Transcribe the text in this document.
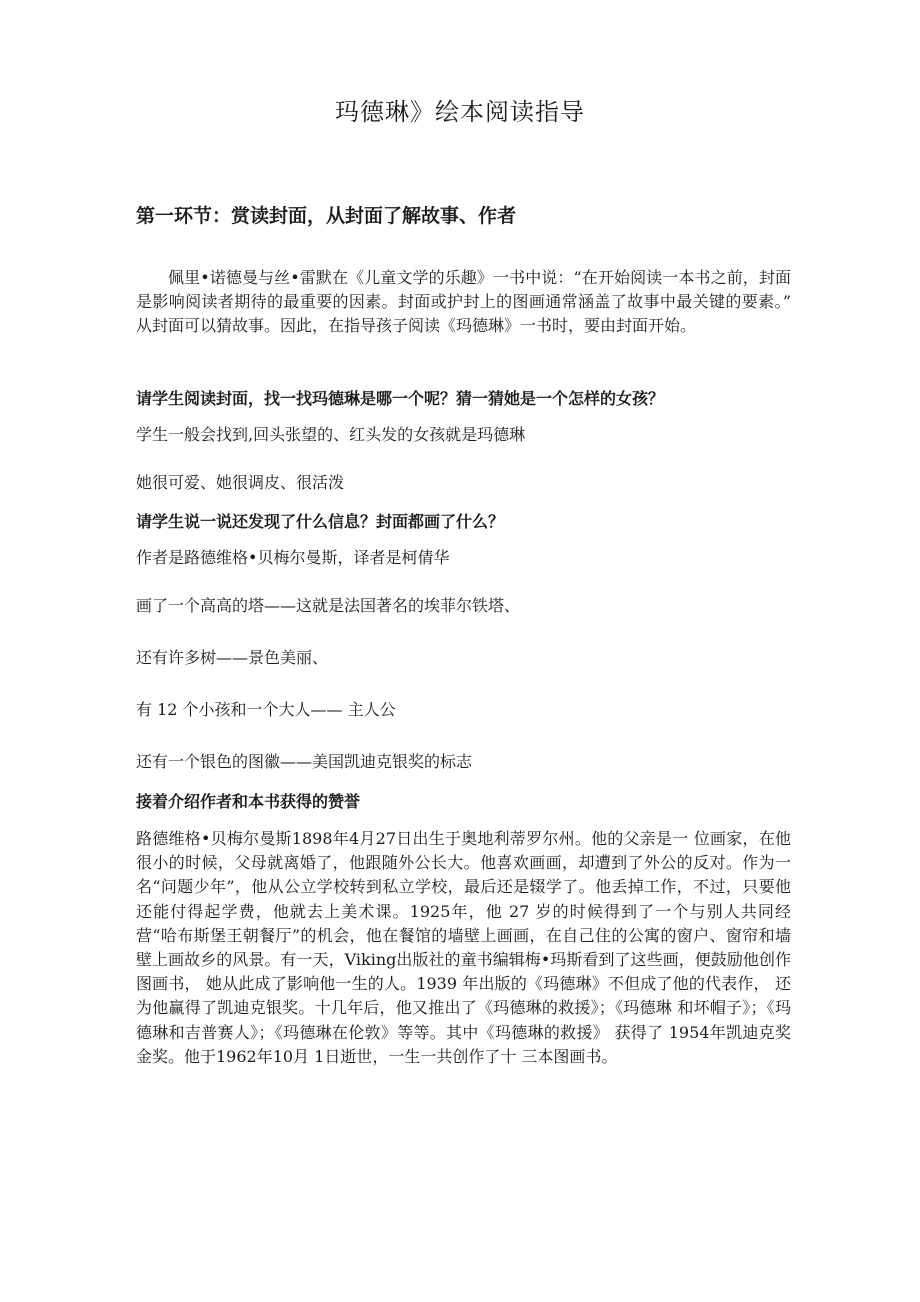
玛德琳》绘本阅读指导
第一环节：赏读封面，从封面了解故事、作者
佩里•诺德曼与丝•雷默在《儿童文学的乐趣》一书中说：“在开始阅读一本书之前，封面是影响阅读者期待的最重要的因素。封面或护封上的图画通常涵盖了故事中最关键的要素。” 从封面可以猜故事。因此，在指导孩子阅读《玛德琳》一书时，要由封面开始。
请学生阅读封面，找一找玛德琳是哪一个呢？猜一猜她是一个怎样的女孩？
学生一般会找到,回头张望的、红头发的女孩就是玛德琳
她很可爱、她很调皮、很活泼
请学生说一说还发现了什么信息？封面都画了什么？
作者是路德维格•贝梅尔曼斯，译者是柯倩华
画了一个高高的塔——这就是法国著名的埃菲尔铁塔、
还有许多树——景色美丽、
有 12 个小孩和一个大人—— 主人公
还有一个银色的图徽——美国凯迪克银奖的标志
接着介绍作者和本书获得的赞誉
路德维格•贝梅尔曼斯1898年4月27日出生于奥地利蒂罗尔州。他的父亲是一 位画家，在他很小的时候，父母就离婚了，他跟随外公长大。他喜欢画画，却遭到了外公的反对。作为一名“问题少年”，他从公立学校转到私立学校，最后还是辍学了。他丢掉工作，不过，只要他还能付得起学费，他就去上美术课。1925年，他 27 岁的时候得到了一个与别人共同经营“哈布斯堡王朝餐厅”的机会，他在餐馆的墙壁上画画，在自己住的公寓的窗户、窗帘和墙壁上画故乡的风景。有一天，Viking出版社的童书编辑梅•玛斯看到了这些画，便鼓励他创作图画书， 她从此成了影响他一生的人。1939 年出版的《玛德琳》不但成了他的代表作， 还为他赢得了凯迪克银奖。十几年后，他又推出了《玛德琳的救援》；《玛德琳 和坏帽子》；《玛德琳和吉普赛人》；《玛德琳在伦敦》等等。其中《玛德琳的救援》 获得了 1954年凯迪克奖金奖。他于1962年10月 1日逝世，一生一共创作了十 三本图画书。
